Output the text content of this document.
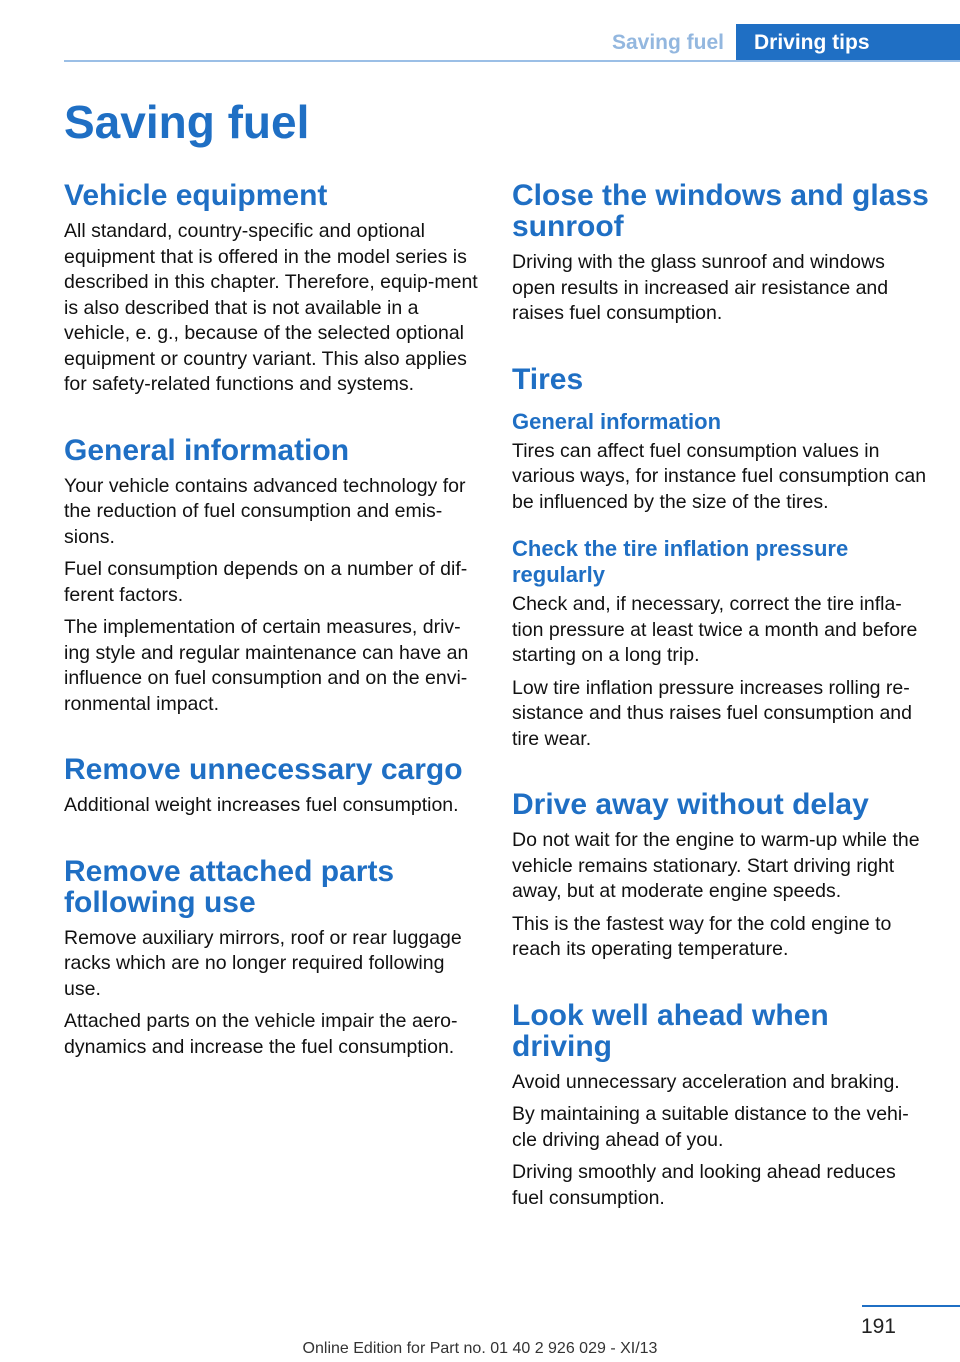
Saving fuel	Driving tips
Saving fuel
Vehicle equipment

All standard, country-specific and optional equipment that is offered in the model series is described in this chapter. Therefore, equip-ment is also described that is not available in a vehicle, e. g., because of the selected optional equipment or country variant. This also applies for safety-related functions and systems.

General information

Your vehicle contains advanced technology for the reduction of fuel consumption and emis-sions.

Fuel consumption depends on a number of dif-ferent factors.

The implementation of certain measures, driv-ing style and regular maintenance can have an influence on fuel consumption and on the envi-ronmental impact.

Remove unnecessary cargo

Additional weight increases fuel consumption.

Remove attached parts following use

Remove auxiliary mirrors, roof or rear luggage racks which are no longer required following use.

Attached parts on the vehicle impair the aero-dynamics and increase the fuel consumption.

Close the windows and glass sunroof

Driving with the glass sunroof and windows open results in increased air resistance and raises fuel consumption.

Tires
General information

Tires can affect fuel consumption values in various ways, for instance fuel consumption can be influenced by the size of the tires.

Check the tire inflation pressure regularly

Check and, if necessary, correct the tire infla-tion pressure at least twice a month and before starting on a long trip.

Low tire inflation pressure increases rolling re-sistance and thus raises fuel consumption and tire wear.

Drive away without delay

Do not wait for the engine to warm-up while the vehicle remains stationary. Start driving right away, but at moderate engine speeds.

This is the fastest way for the cold engine to reach its operating temperature.

Look well ahead when driving

Avoid unnecessary acceleration and braking.

By maintaining a suitable distance to the vehi-cle driving ahead of you.

Driving smoothly and looking ahead reduces fuel consumption.

191
Online Edition for Part no. 01 40 2 926 029 - XI/13
